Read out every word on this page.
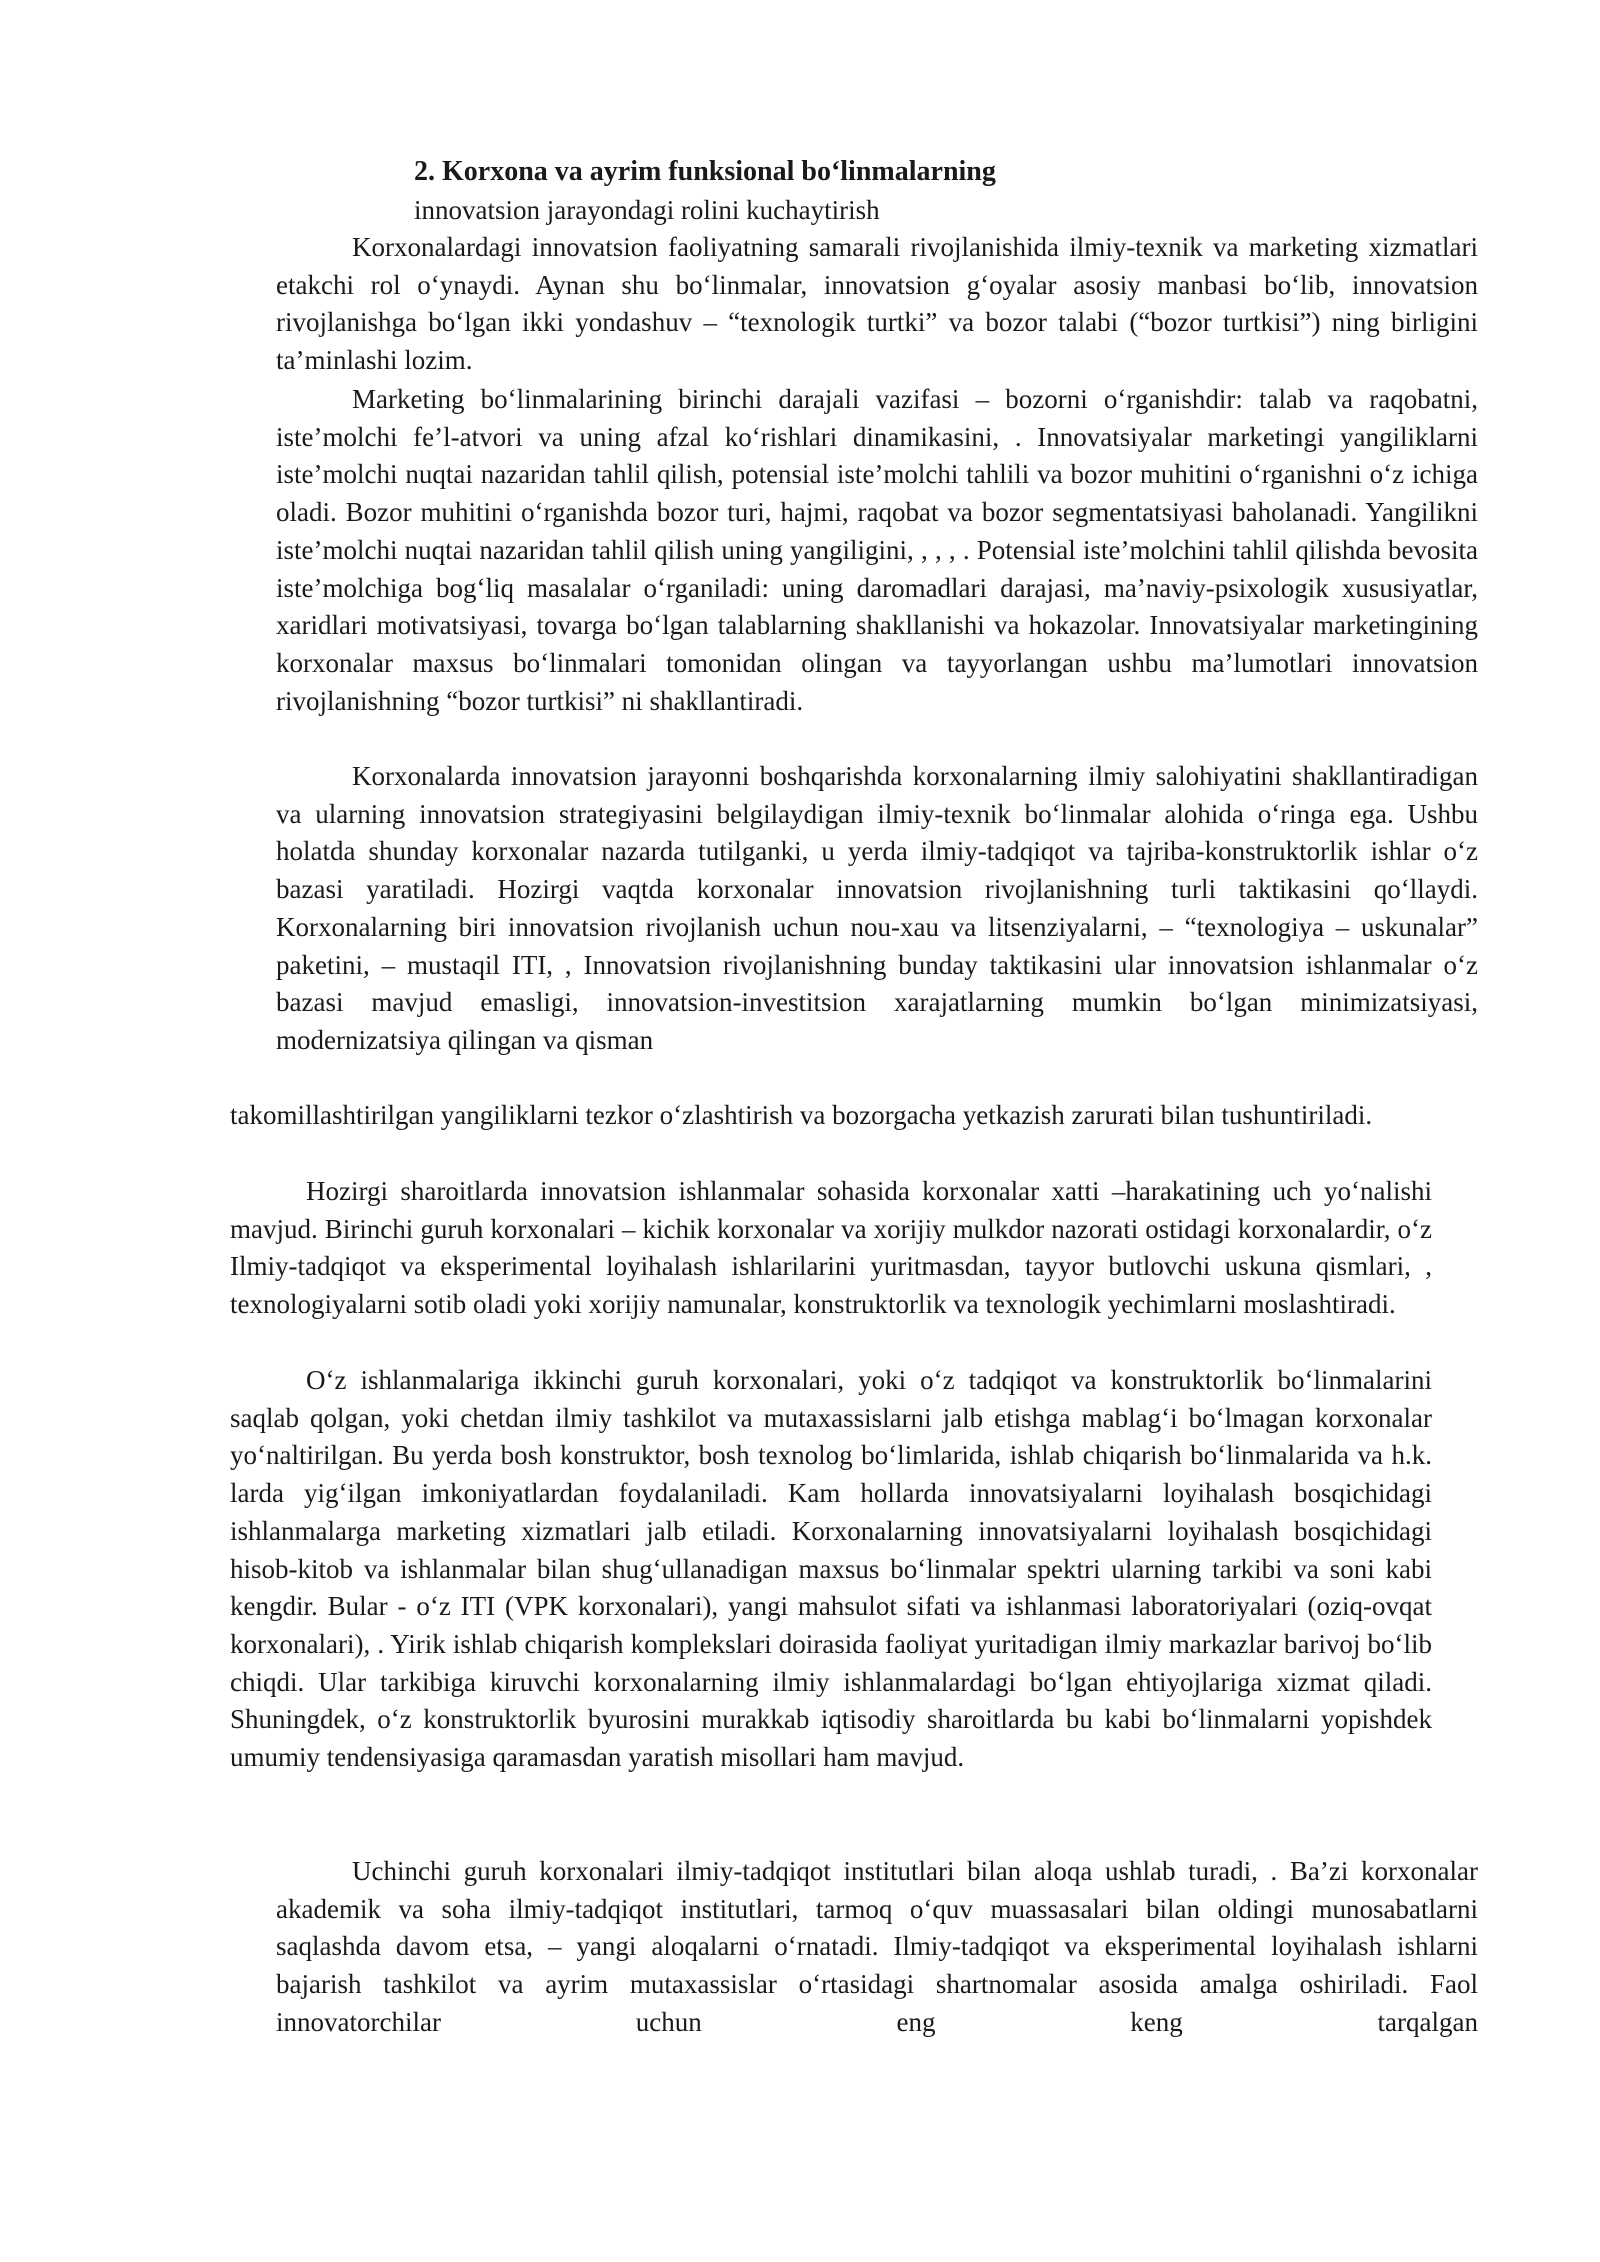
2. Korxona va ayrim funksional bo‘linmalarning
innovatsion jarayondagi rolini kuchaytirish

Korxonalardagi innovatsion faoliyatning samarali rivojlanishida ilmiy-texnik va marketing xizmatlari etakchi rol o‘ynaydi. Aynan shu bo‘linmalar, innovatsion g‘oyalar asosiy manbasi bo‘lib, innovatsion rivojlanishga bo‘lgan ikki yondashuv – “texnologik turtki” va bozor talabi (“bozor turtkisi”) ning birligini ta’minlashi lozim.

Marketing bo‘linmalarining birinchi darajali vazifasi – bozorni o‘rganishdir: talab va raqobatni, iste’molchi fe’l-atvori va uning afzal ko‘rishlari dinamikasini, . Innovatsiyalar marketingi yangiliklarni iste’molchi nuqtai nazaridan tahlil qilish, potensial iste’molchi tahlili va bozor muhitini o‘rganishni o‘z ichiga oladi. Bozor muhitini o‘rganishda bozor turi, hajmi, raqobat va bozor segmentatsiyasi baholanadi. Yangilikni iste’molchi nuqtai nazaridan tahlil qilish uning yangiligini, , , , . Potensial iste’molchini tahlil qilishda bevosita iste’molchiga bog‘liq masalalar o‘rganiladi: uning daromadlari darajasi, ma’naviy-psixologik xususiyatlar, xaridlari motivatsiyasi, tovarga bo‘lgan talablarning shakllanishi va hokazolar. Innovatsiyalar marketingining korxonalar maxsus bo‘linmalari tomonidan olingan va tayyorlangan ushbu ma’lumotlari innovatsion rivojlanishning “bozor turtkisi” ni shakllantiradi.

Korxonalarda innovatsion jarayonni boshqarishda korxonalarning ilmiy salohiyatini shakllantiradigan va ularning innovatsion strategiyasini belgilaydigan ilmiy-texnik bo‘linmalar alohida o‘ringa ega. Ushbu holatda shunday korxonalar nazarda tutilganki, u yerda ilmiy-tadqiqot va tajriba-konstruktorlik ishlar o‘z bazasi yaratiladi. Hozirgi vaqtda korxonalar innovatsion rivojlanishning turli taktikasini qo‘llaydi. Korxonalarning biri innovatsion rivojlanish uchun nou-xau va litsenziyalarni, – “texnologiya – uskunalar” paketini, – mustaqil ITI, , Innovatsion rivojlanishning bunday taktikasini ular innovatsion ishlanmalar o‘z bazasi mavjud emasligi, innovatsion-investitsion xarajatlarning mumkin bo‘lgan minimizatsiyasi, modernizatsiya qilingan va qisman

takomillashtirilgan yangiliklarni tezkor o‘zlashtirish va bozorgacha yetkazish zarurati bilan tushuntiriladi.

Hozirgi sharoitlarda innovatsion ishlanmalar sohasida korxonalar xatti –harakatining uch yo‘nalishi mavjud. Birinchi guruh korxonalari – kichik korxonalar va xorijiy mulkdor nazorati ostidagi korxonalardir, o‘z Ilmiy-tadqiqot va eksperimental loyihalash ishlarilarini yuritmasdan, tayyor butlovchi uskuna qismlari, , texnologiyalarni sotib oladi yoki xorijiy namunalar, konstruktorlik va texnologik yechimlarni moslashtiradi.

O‘z ishlanmalariga ikkinchi guruh korxonalari, yoki o‘z tadqiqot va konstruktorlik bo‘linmalarini saqlab qolgan, yoki chetdan ilmiy tashkilot va mutaxassislarni jalb etishga mablag‘i bo‘lmagan korxonalar yo‘naltirilgan. Bu yerda bosh konstruktor, bosh texnolog bo‘limlarida, ishlab chiqarish bo‘linmalarida va h.k. larda yig‘ilgan imkoniyatlardan foydalaniladi. Kam hollarda innovatsiyalarni loyihalash bosqichidagi ishlanmalarga marketing xizmatlari jalb etiladi. Korxonalarning innovatsiyalarni loyihalash bosqichidagi hisob-kitob va ishlanmalar bilan shug‘ullanadigan maxsus bo‘linmalar spektri ularning tarkibi va soni kabi kengdir. Bular - o‘z ITI (VPK korxonalari), yangi mahsulot sifati va ishlanmasi laboratoriyalari (oziq-ovqat korxonalari), . Yirik ishlab chiqarish komplekslari doirasida faoliyat yuritadigan ilmiy markazlar barivoj bo‘lib chiqdi. Ular tarkibiga kiruvchi korxonalarning ilmiy ishlanmalardagi bo‘lgan ehtiyojlariga xizmat qiladi. Shuningdek, o‘z konstruktorlik byurosini murakkab iqtisodiy sharoitlarda bu kabi bo‘linmalarni yopishdek umumiy tendensiyasiga qaramasdan yaratish misollari ham mavjud.

Uchinchi guruh korxonalari ilmiy-tadqiqot institutlari bilan aloqa ushlab turadi, . Ba’zi korxonalar akademik va soha ilmiy-tadqiqot institutlari, tarmoq o‘quv muassasalari bilan oldingi munosabatlarni saqlashda davom etsa, – yangi aloqalarni o‘rnatadi. Ilmiy-tadqiqot va eksperimental loyihalash ishlarni bajarish tashkilot va ayrim mutaxassislar o‘rtasidagi shartnomalar asosida amalga oshiriladi. Faol innovatorchilar uchun eng keng tarqalgan
